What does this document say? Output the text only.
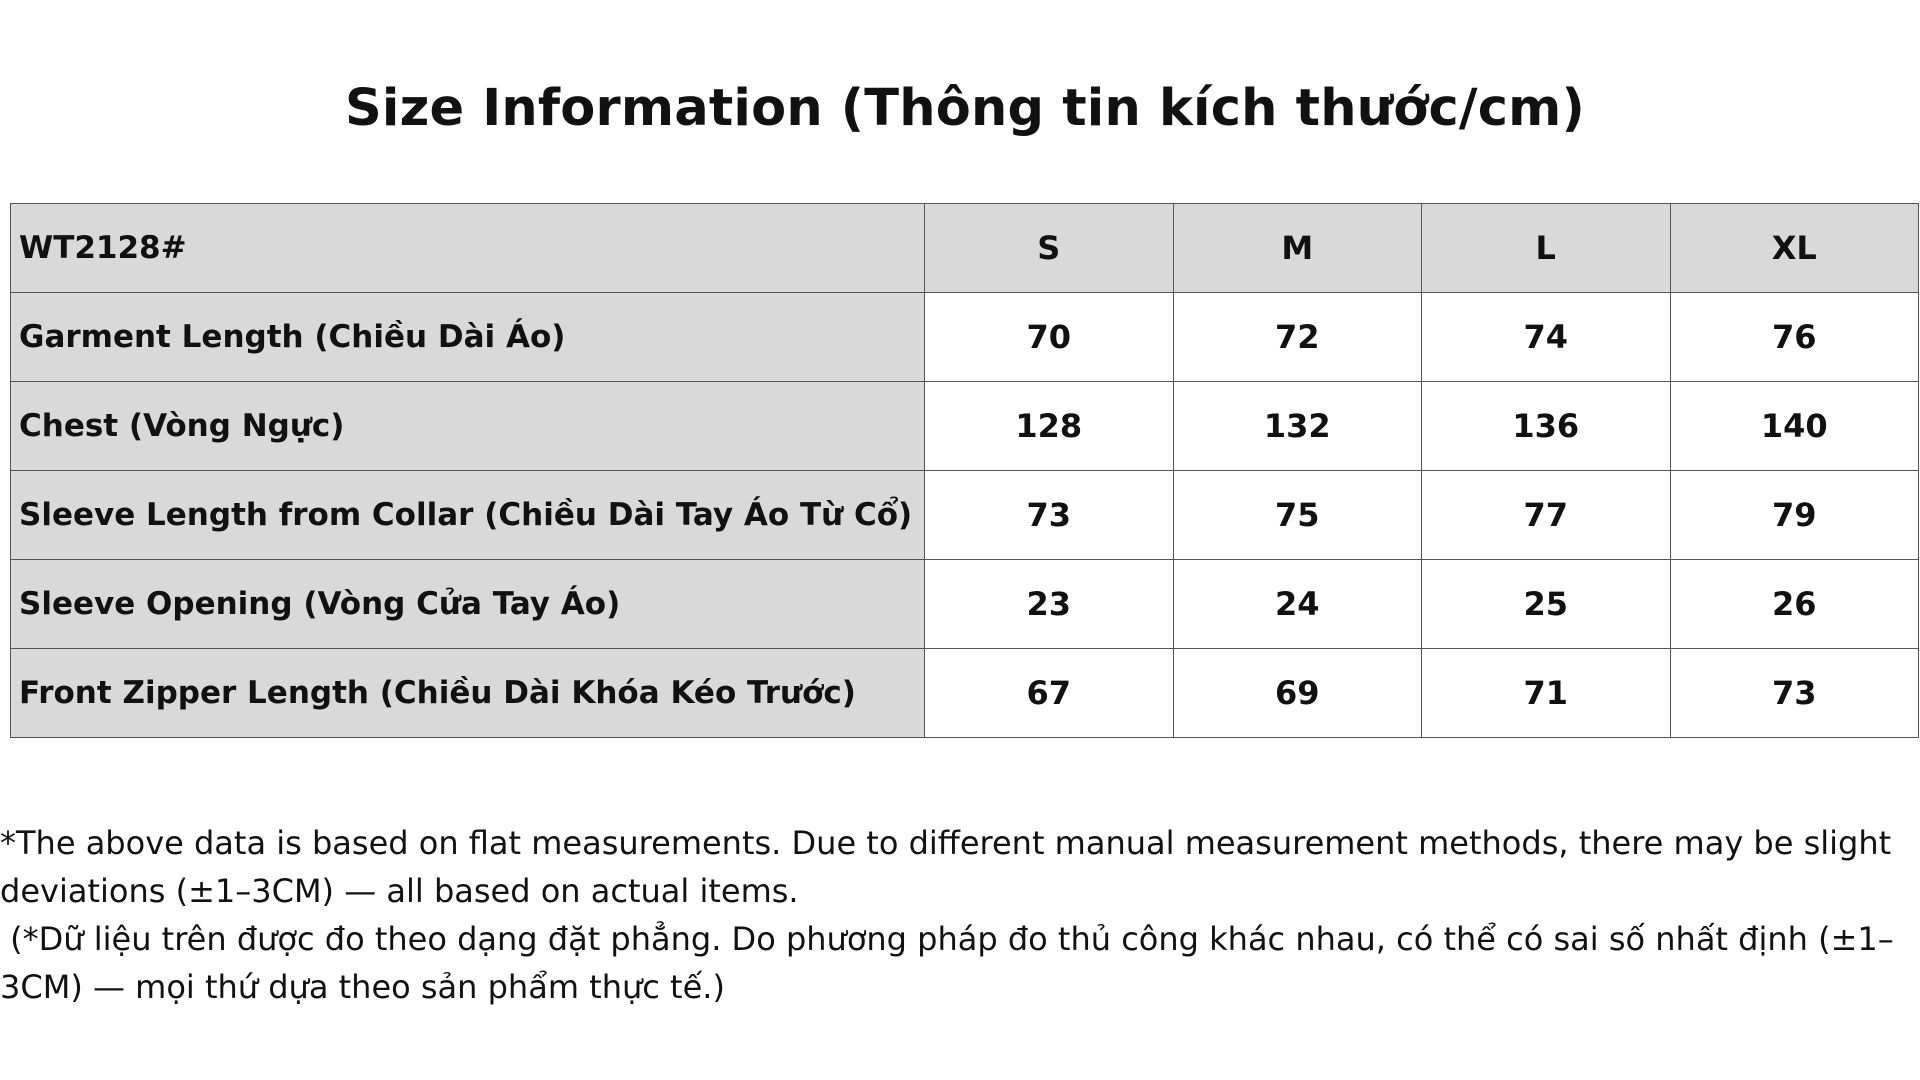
Size Information (Thông tin kích thước/cm)
WT2128#	S	M	L	XL
Garment Length (Chiều Dài Áo)	70	72	74	76
Chest (Vòng Ngực)	128	132	136	140
Sleeve Length from Collar (Chiều Dài Tay Áo Từ Cổ)	73	75	77	79
Sleeve Opening (Vòng Cửa Tay Áo)	23	24	25	26
Front Zipper Length (Chiều Dài Khóa Kéo Trước)	67	69	71	73

*The above data is based on flat measurements. Due to different manual measurement methods, there may be slight deviations (±1–3CM) — all based on actual items.

(*Dữ liệu trên được đo theo dạng đặt phẳng. Do phương pháp đo thủ công khác nhau, có thể có sai số nhất định (±1–3CM) — mọi thứ dựa theo sản phẩm thực tế.)
